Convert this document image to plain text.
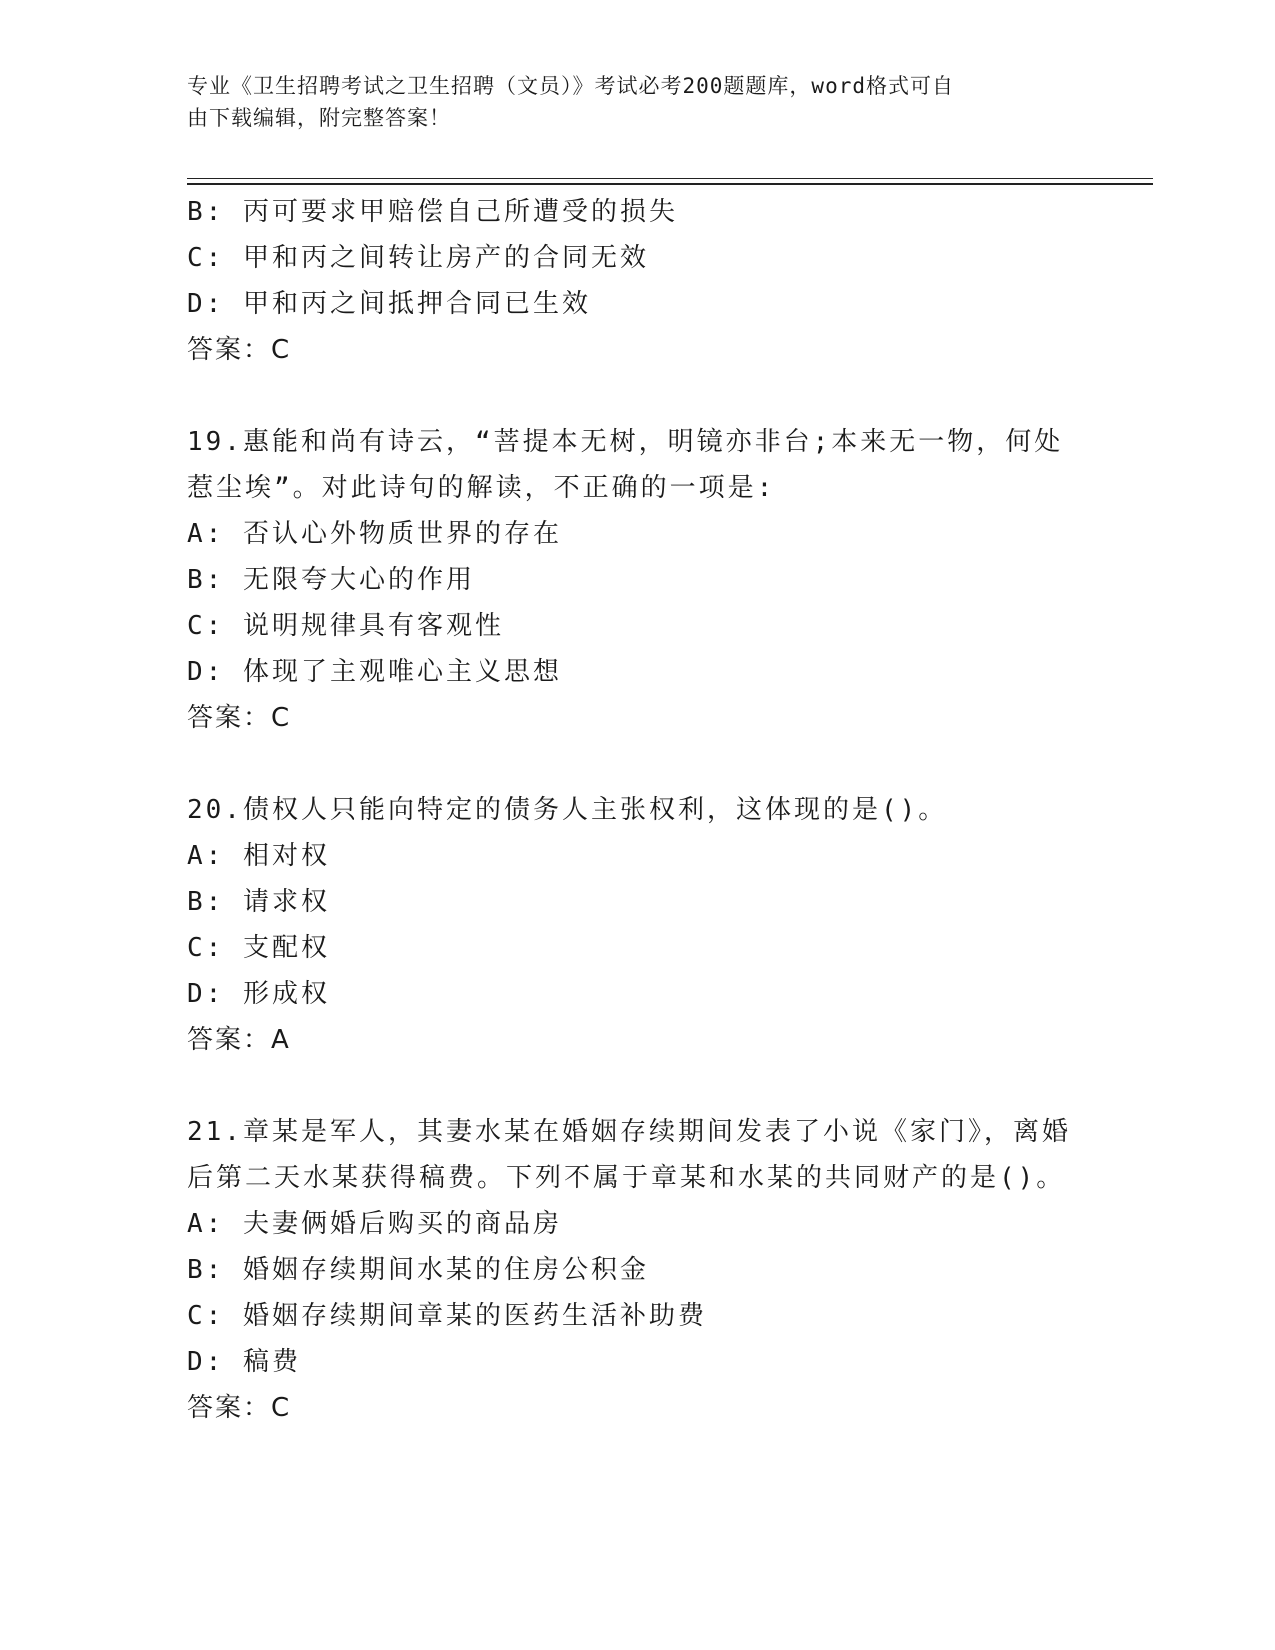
专业《卫生招聘考试之卫生招聘（文员）》考试必考200题题库，word格式可自
由下载编辑，附完整答案！
B: 丙可要求甲赔偿自己所遭受的损失
C: 甲和丙之间转让房产的合同无效
D: 甲和丙之间抵押合同已生效
答案：C
19.惠能和尚有诗云，“菩提本无树，明镜亦非台;本来无一物，何处
惹尘埃”。对此诗句的解读，不正确的一项是:
A: 否认心外物质世界的存在
B: 无限夸大心的作用
C: 说明规律具有客观性
D: 体现了主观唯心主义思想
答案：C
20.债权人只能向特定的债务人主张权利，这体现的是()。
A: 相对权
B: 请求权
C: 支配权
D: 形成权
答案：A
21.章某是军人，其妻水某在婚姻存续期间发表了小说《家门》，离婚
后第二天水某获得稿费。下列不属于章某和水某的共同财产的是()。
A: 夫妻俩婚后购买的商品房
B: 婚姻存续期间水某的住房公积金
C: 婚姻存续期间章某的医药生活补助费
D: 稿费
答案：C
